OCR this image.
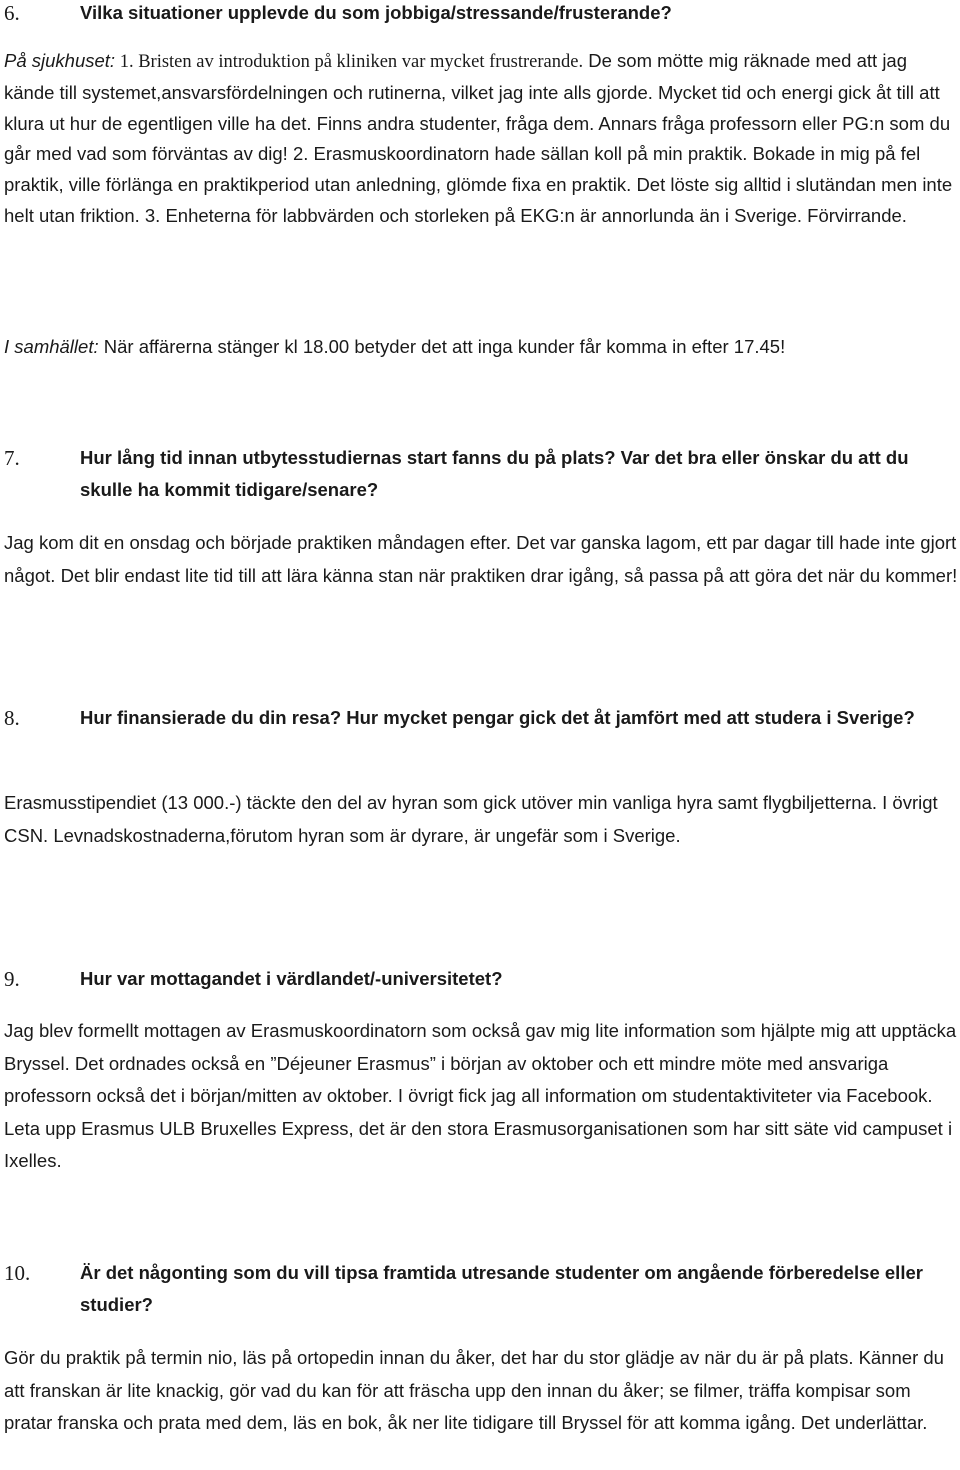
6.	Vilka situationer upplevde du som jobbiga/stressande/frusterande?
På sjukhuset: 1. Bristen av introduktion på kliniken var mycket frustrerande. De som mötte mig räknade med att jag kände till systemet,ansvarsfördelningen och rutinerna, vilket jag inte alls gjorde. Mycket tid och energi gick åt till att klura ut hur de egentligen ville ha det. Finns andra studenter, fråga dem. Annars fråga professorn eller PG:n som du går med vad som förväntas av dig! 2. Erasmuskoordinatorn hade sällan koll på min praktik. Bokade in mig på fel praktik, ville förlänga en praktikperiod utan anledning, glömde fixa en praktik. Det löste sig alltid i slutändan men inte helt utan friktion. 3. Enheterna för labbvärden och storleken på EKG:n är annorlunda än i Sverige. Förvirrande.
I samhället: När affärerna stänger kl 18.00 betyder det att inga kunder får komma in efter 17.45!
7.	Hur lång tid innan utbytesstudiernas start fanns du på plats? Var det bra eller önskar du att du skulle ha kommit tidigare/senare?
Jag kom dit en onsdag och började praktiken måndagen efter. Det var ganska lagom, ett par dagar till hade inte gjort något. Det blir endast lite tid till att lära känna stan när praktiken drar igång, så passa på att göra det när du kommer!
8.	Hur finansierade du din resa? Hur mycket pengar gick det åt jamfört med att studera i Sverige?
Erasmusstipendiet (13 000.-) täckte den del av hyran som gick utöver min vanliga hyra samt flygbiljetterna. I övrigt CSN. Levnadskostnaderna,förutom hyran som är dyrare, är ungefär som i Sverige.
9.	Hur var mottagandet i värdlandet/-universitetet?
Jag blev formellt mottagen av Erasmuskoordinatorn som också gav mig lite information som hjälpte mig att upptäcka Bryssel. Det ordnades också en ”Déjeuner Erasmus” i början av oktober och ett mindre möte med ansvariga professorn också det i början/mitten av oktober. I övrigt fick jag all information om studentaktiviteter via Facebook. Leta upp Erasmus ULB Bruxelles Express, det är den stora Erasmusorganisationen som har sitt säte vid campuset i Ixelles.
10.	Är det någonting som du vill tipsa framtida utresande studenter om angående förberedelse eller studier?
Gör du praktik på termin nio, läs på ortopedin innan du åker, det har du stor glädje av när du är på plats. Känner du att franskan är lite knackig, gör vad du kan för att fräscha upp den innan du åker; se filmer, träffa kompisar som pratar franska och prata med dem, läs en bok, åk ner lite tidigare till Bryssel för att komma igång. Det underlättar.
